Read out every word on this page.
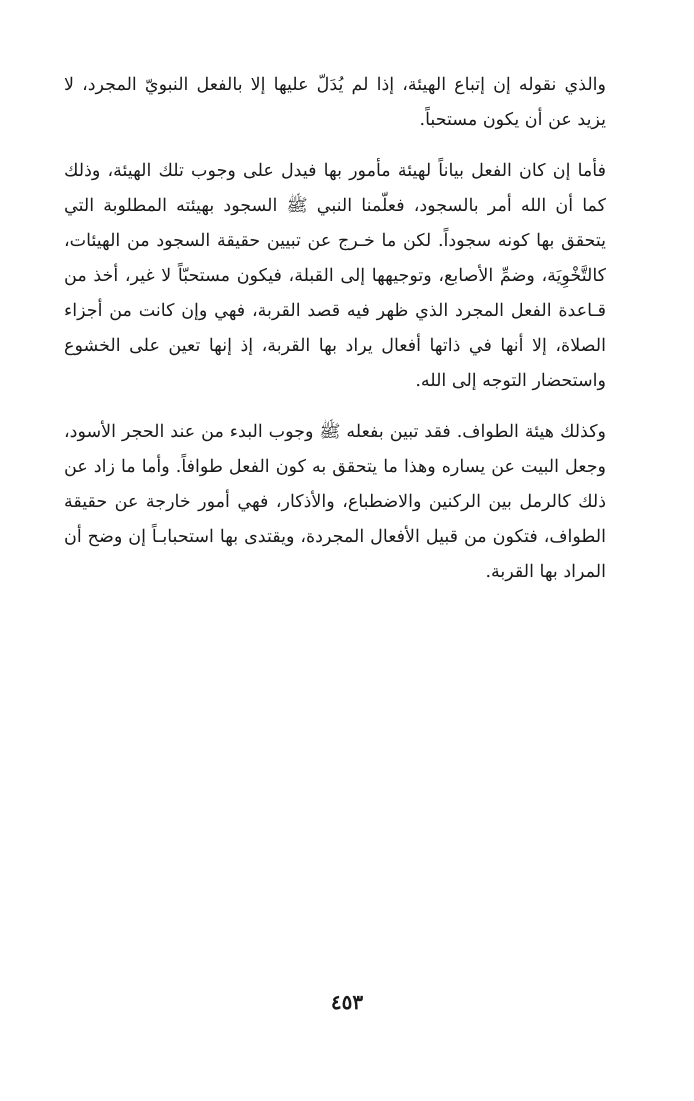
والذي نقوله إن إتباع الهيئة، إذا لم يُدَلّ عليها إلا بالفعل النبويّ المجرد، لا يزيد عن أن يكون مستحباً.

فأما إن كان الفعل بياناً لهيئة مأمور بها فيدل على وجوب تلك الهيئة، وذلك كما أن الله أمر بالسجود، فعلّمنا النبي ﷺ السجود بهيئته المطلوبة التي يتحقق بها كونه سجوداً. لكن ما خـرج عن تبيين حقيقة السجود من الهيئات، كالتَّخْوِيَة، وضمِّ الأصابع، وتوجيهها إلى القبلة، فيكون مستحبّاً لا غير، أخذ من قـاعدة الفعل المجرد الذي ظهر فيه قصد القربة، فهي وإن كانت من أجزاء الصلاة، إلا أنها في ذاتها أفعال يراد بها القربة، إذ إنها تعين على الخشوع واستحضار التوجه إلى الله.

وكذلك هيئة الطواف. فقد تبين بفعله ﷺ وجوب البدء من عند الحجر الأسود، وجعل البيت عن يساره وهذا ما يتحقق به كون الفعل طوافاً. وأما ما زاد عن ذلك كالرمل بين الركنين والاضطباع، والأذكار، فهي أمور خارجة عن حقيقة الطواف، فتكون من قبيل الأفعال المجردة، ويقتدى بها استحبابـاً إن وضح أن المراد بها القربة.

٤٥٣
